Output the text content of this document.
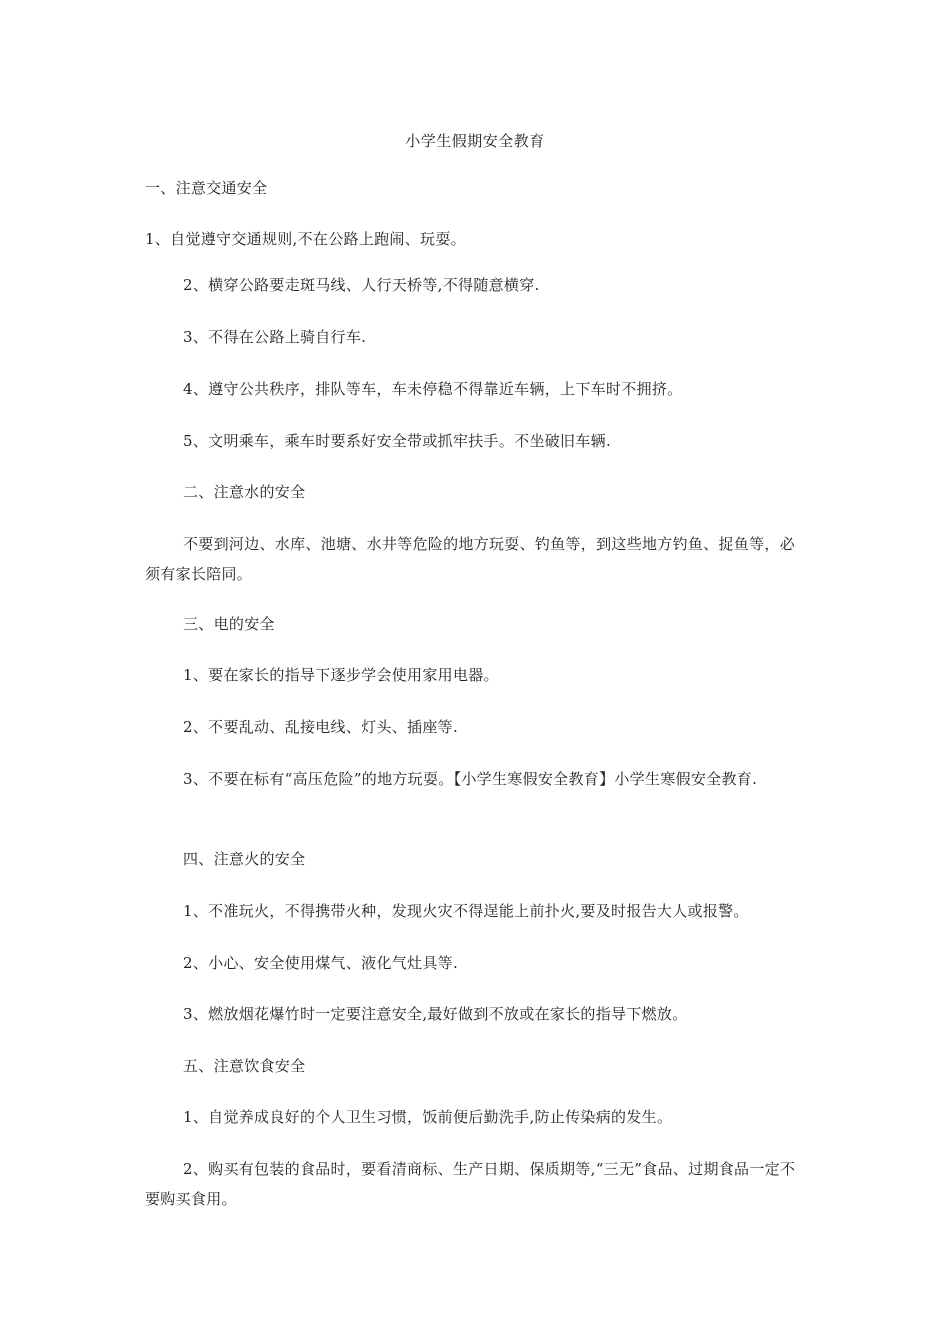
小学生假期安全教育
一、注意交通安全
1、自觉遵守交通规则,不在公路上跑闹、玩耍。
2、横穿公路要走斑马线、人行天桥等,不得随意横穿.
3、不得在公路上骑自行车.
4、遵守公共秩序，排队等车，车未停稳不得靠近车辆，上下车时不拥挤。
5、文明乘车，乘车时要系好安全带或抓牢扶手。不坐破旧车辆.
二、注意水的安全
不要到河边、水库、池塘、水井等危险的地方玩耍、钓鱼等，到这些地方钓鱼、捉鱼等，必须有家长陪同。
三、电的安全
1、要在家长的指导下逐步学会使用家用电器。
2、不要乱动、乱接电线、灯头、插座等.
3、不要在标有“高压危险”的地方玩耍。【小学生寒假安全教育】小学生寒假安全教育.
四、注意火的安全
1、不准玩火，不得携带火种，发现火灾不得逞能上前扑火,要及时报告大人或报警。
2、小心、安全使用煤气、液化气灶具等.
3、燃放烟花爆竹时一定要注意安全,最好做到不放或在家长的指导下燃放。
五、注意饮食安全
1、自觉养成良好的个人卫生习惯，饭前便后勤洗手,防止传染病的发生。
2、购买有包装的食品时，要看清商标、生产日期、保质期等,“三无”食品、过期食品一定不要购买食用。
